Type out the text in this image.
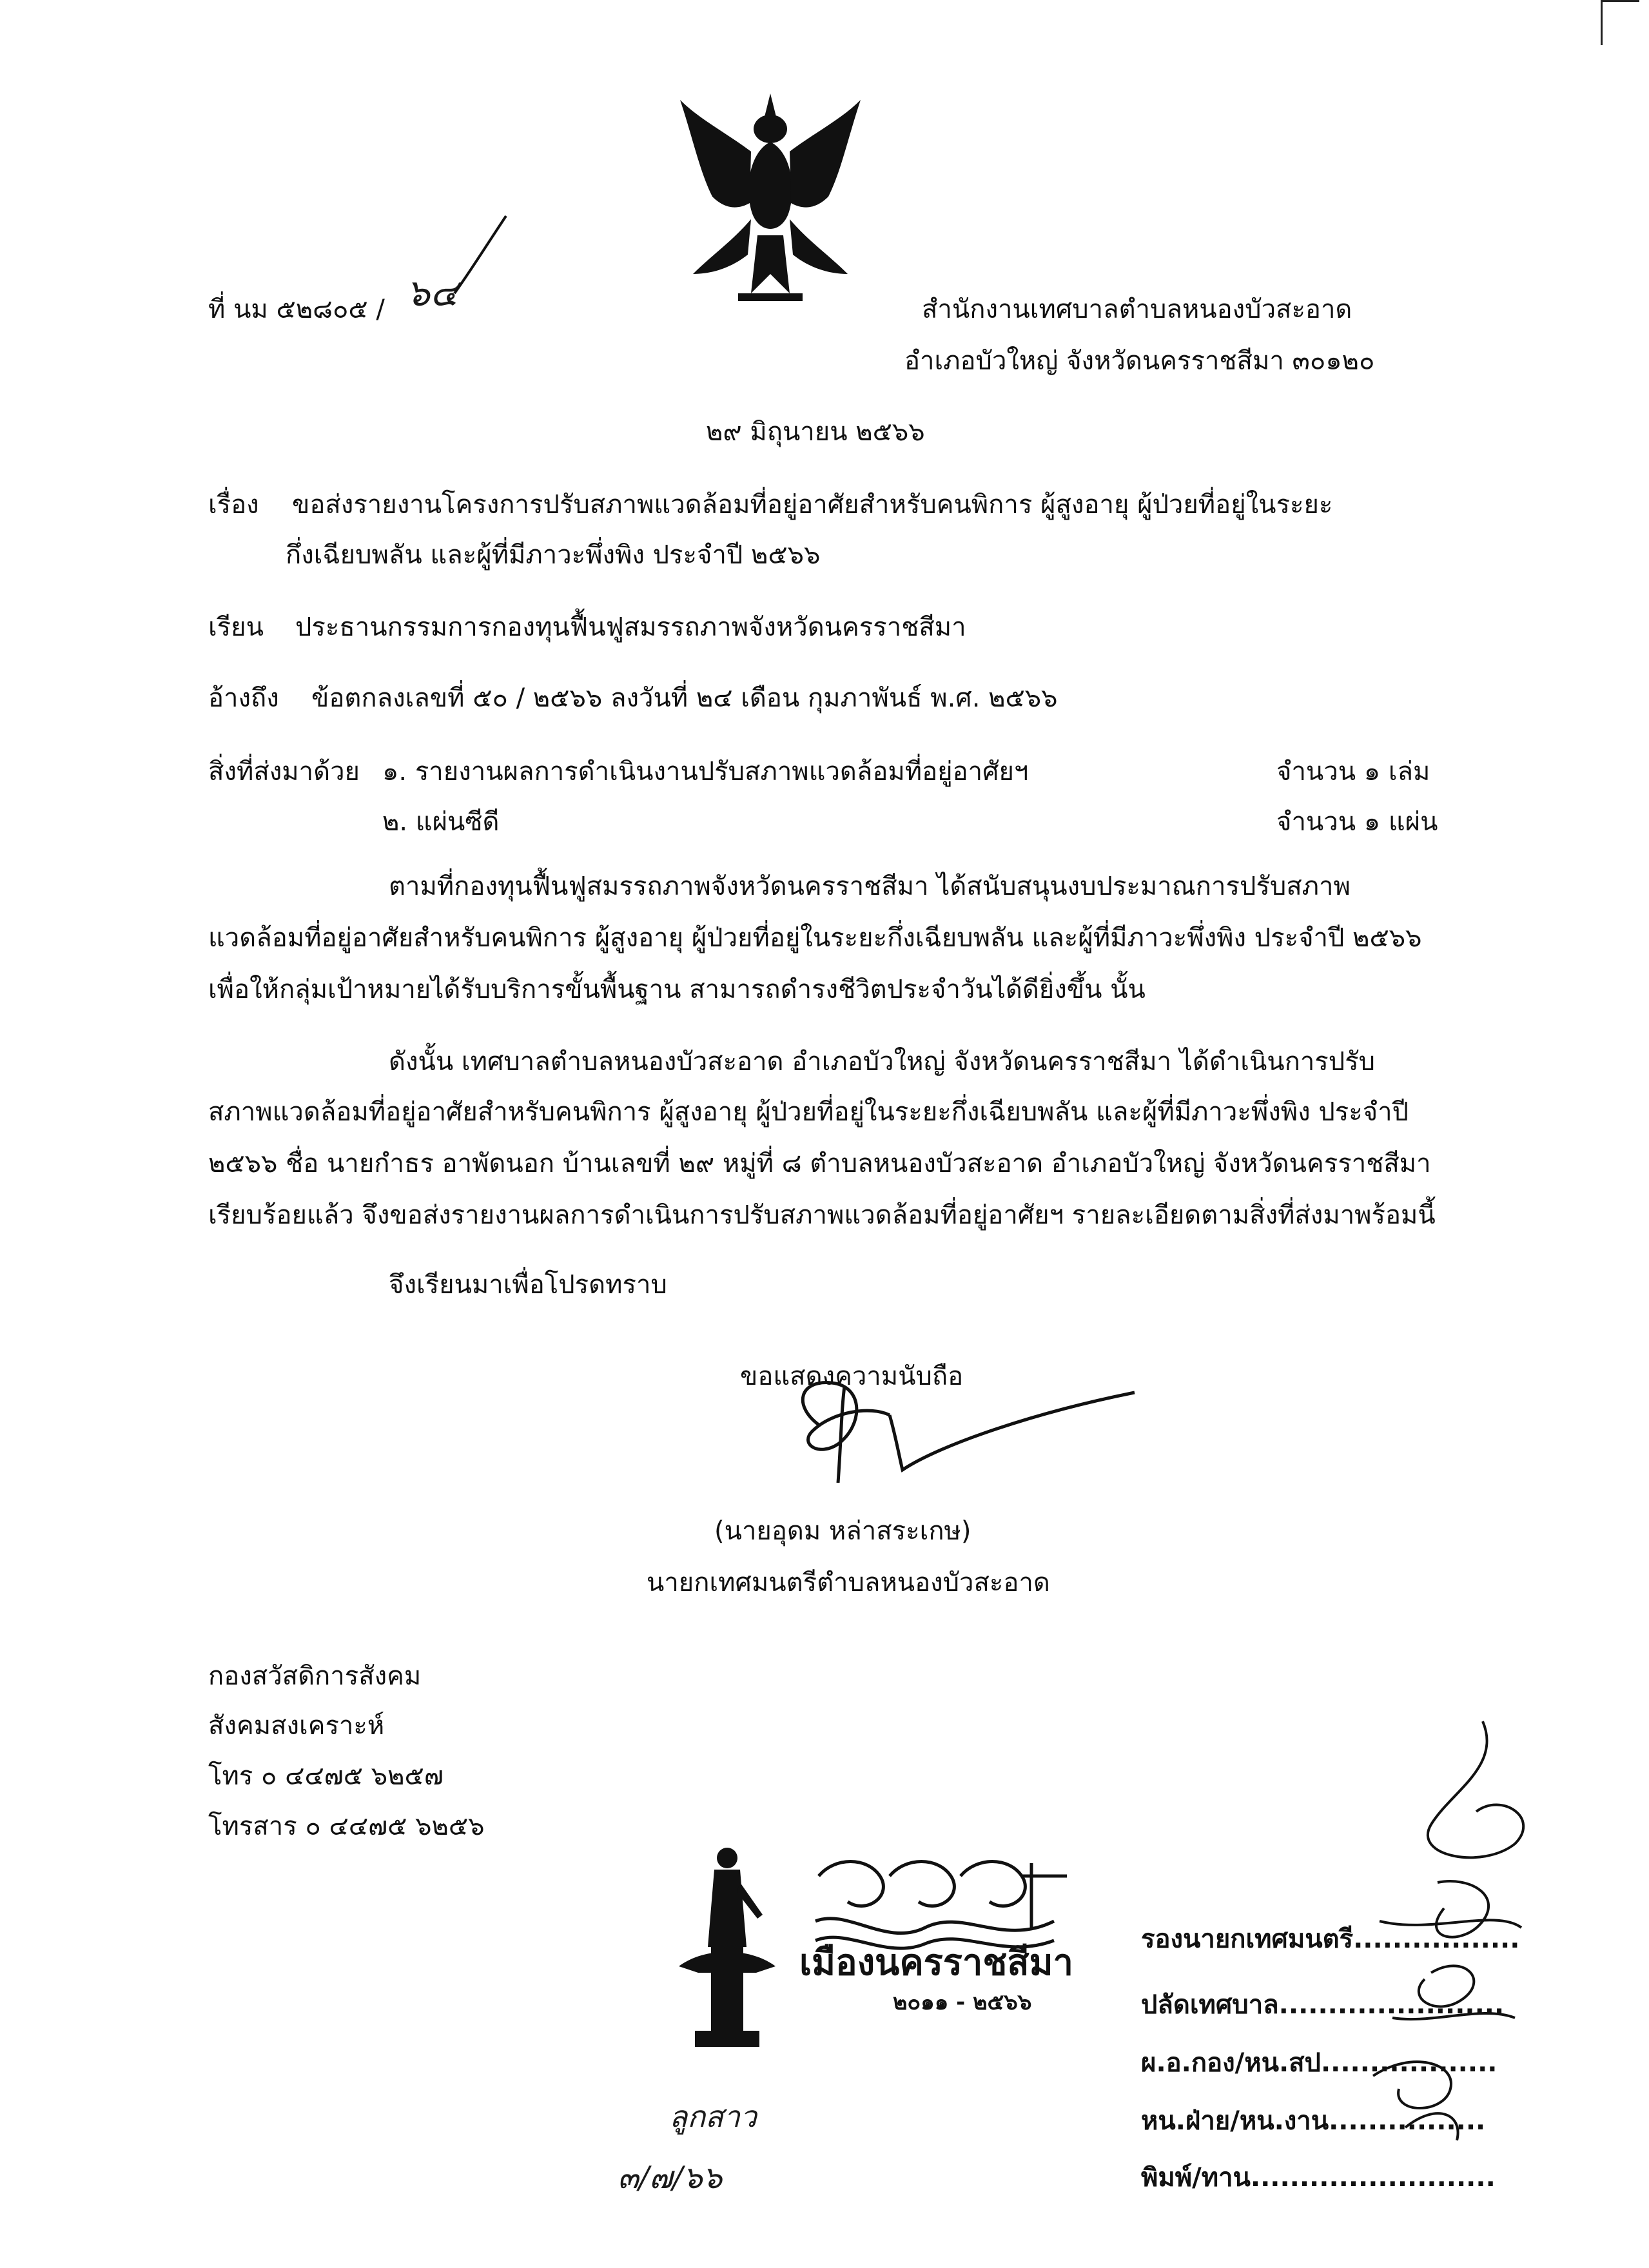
ที่ นม ๕๒๘๐๕ / ๖๔	สำนักงานเทศบาลตำบลหนองบัวสะอาด
อำเภอบัวใหญ่ จังหวัดนครราชสีมา ๓๐๑๒๐
๒๙ มิถุนายน ๒๕๖๖
เรื่อง ขอส่งรายงานโครงการปรับสภาพแวดล้อมที่อยู่อาศัยสำหรับคนพิการ ผู้สูงอายุ ผู้ป่วยที่อยู่ในระยะ
กึ่งเฉียบพลัน และผู้ที่มีภาวะพึ่งพิง ประจำปี ๒๕๖๖
เรียน ประธานกรรมการกองทุนฟื้นฟูสมรรถภาพจังหวัดนครราชสีมา
อ้างถึง ข้อตกลงเลขที่ ๕๐ / ๒๕๖๖ ลงวันที่ ๒๔ เดือน กุมภาพันธ์ พ.ศ. ๒๕๖๖
สิ่งที่ส่งมาด้วย ๑. รายงานผลการดำเนินงานปรับสภาพแวดล้อมที่อยู่อาศัยฯ	จำนวน ๑ เล่ม
๒. แผ่นซีดี	จำนวน ๑ แผ่น
ตามที่กองทุนฟื้นฟูสมรรถภาพจังหวัดนครราชสีมา ได้สนับสนุนงบประมาณการปรับสภาพ
แวดล้อมที่อยู่อาศัยสำหรับคนพิการ ผู้สูงอายุ ผู้ป่วยที่อยู่ในระยะกึ่งเฉียบพลัน และผู้ที่มีภาวะพึ่งพิง ประจำปี ๒๕๖๖
เพื่อให้กลุ่มเป้าหมายได้รับบริการขั้นพื้นฐาน สามารถดำรงชีวิตประจำวันได้ดียิ่งขึ้น นั้น
ดังนั้น เทศบาลตำบลหนองบัวสะอาด อำเภอบัวใหญ่ จังหวัดนครราชสีมา ได้ดำเนินการปรับ
สภาพแวดล้อมที่อยู่อาศัยสำหรับคนพิการ ผู้สูงอายุ ผู้ป่วยที่อยู่ในระยะกึ่งเฉียบพลัน และผู้ที่มีภาวะพึ่งพิง ประจำปี
๒๕๖๖ ชื่อ นายกำธร อาพัดนอก บ้านเลขที่ ๒๙ หมู่ที่ ๘ ตำบลหนองบัวสะอาด อำเภอบัวใหญ่ จังหวัดนครราชสีมา
เรียบร้อยแล้ว จึงขอส่งรายงานผลการดำเนินการปรับสภาพแวดล้อมที่อยู่อาศัยฯ รายละเอียดตามสิ่งที่ส่งมาพร้อมนี้
จึงเรียนมาเพื่อโปรดทราบ
ขอแสดงความนับถือ
(นายอุดม หล่าสระเกษ)
นายกเทศมนตรีตำบลหนองบัวสะอาด
กองสวัสดิการสังคม
สังคมสงเคราะห์
โทร ๐ ๔๔๗๕ ๖๒๕๗
โทรสาร ๐ ๔๔๗๕ ๖๒๕๖
เมืองนครราชสีมา
๒๐๑๑ - ๒๕๖๖
รองนายกเทศมนตรี.................
ปลัดเทศบาล.......................
ผ.อ.กอง/หน.สป..................
หน.ฝ่าย/หน.งาน................
พิมพ์/ทาน.........................
ลูกสาว
๓/๗/๖๖
